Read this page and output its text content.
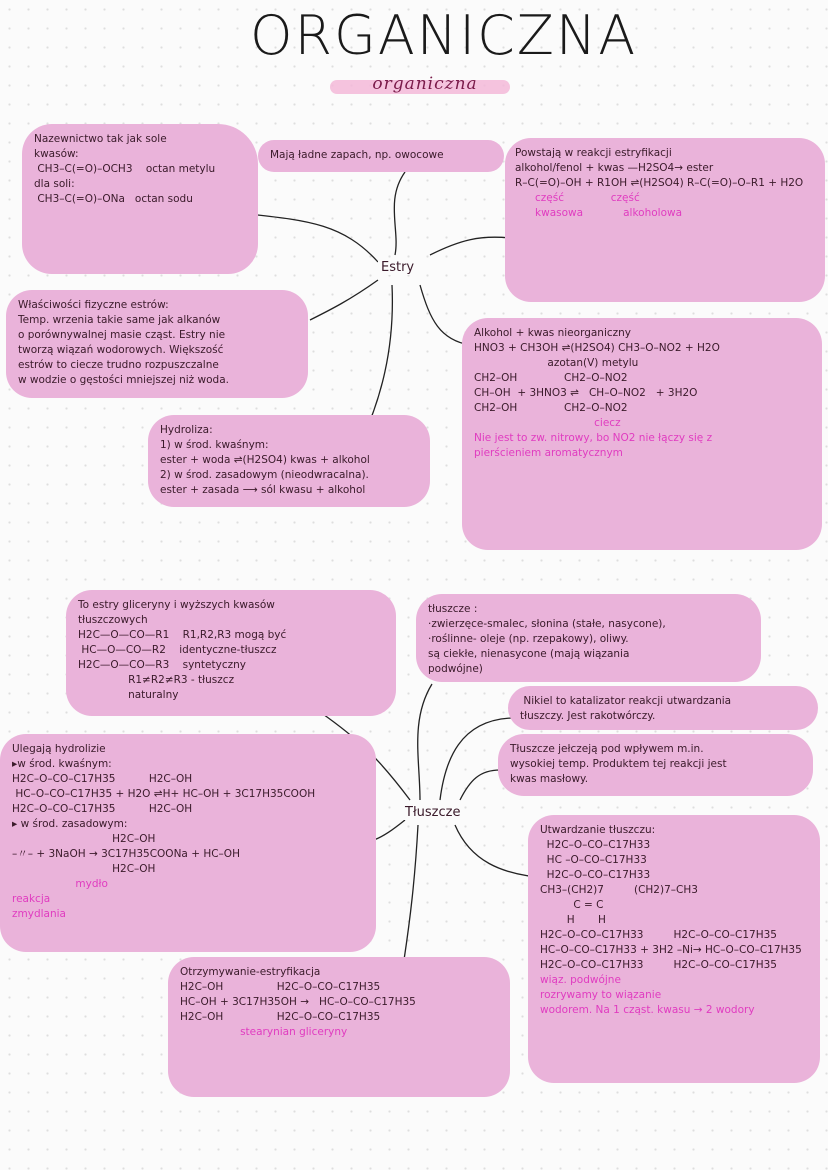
ORGANICZNA
organiczna
Estry
Tłuszcze
Nazewnictwo tak jak sole
kwasów:
CH3–C(=O)–OCH3    octan metylu
dla soli:
CH3–C(=O)–ONa   octan sodu
Mają ładne zapach, np. owocowe	Powstają w reakcji estryfikacji
alkohol/fenol + kwas —H2SO4→ ester
R–C(=O)–OH + R1OH ⇌(H2SO4) R–C(=O)–O–R1 + H2O
część              część
kwasowa            alkoholowa
Właściwości fizyczne estrów:
Temp. wrzenia takie same jak alkanów
o porównywalnej masie cząst. Estry nie
tworzą wiązań wodorowych. Większość
estrów to ciecze trudno rozpuszczalne
w wodzie o gęstości mniejszej niż woda.
Hydroliza:
1) w środ. kwaśnym:
ester + woda ⇌(H2SO4) kwas + alkohol
2) w środ. zasadowym (nieodwracalna).
ester + zasada ⟶ sól kwasu + alkohol
Alkohol + kwas nieorganiczny
HNO3 + CH3OH ⇌(H2SO4) CH3–O–NO2 + H2O
azotan(V) metylu
CH2–OH              CH2–O–NO2
CH–OH  + 3HNO3 ⇌   CH–O–NO2   + 3H2O
CH2–OH              CH2–O–NO2
ciecz
Nie jest to zw. nitrowy, bo NO2 nie łączy się z
pierścieniem aromatycznym
To estry gliceryny i wyższych kwasów
tłuszczowych
H2C—O—CO—R1    R1,R2,R3 mogą być
HC—O—CO—R2    identyczne-tłuszcz
H2C—O—CO—R3    syntetyczny
R1≠R2≠R3 - tłuszcz
naturalny
tłuszcze :
·zwierzęce-smalec, słonina (stałe, nasycone),
·roślinne- oleje (np. rzepakowy), oliwy.
są ciekłe, nienasycone (mają wiązania
podwójne)
Nikiel to katalizator reakcji utwardzania
tłuszczy. Jest rakotwórczy.
Tłuszcze jełczeją pod wpływem m.in.
wysokiej temp. Produktem tej reakcji jest
kwas masłowy.
Ulegają hydrolizie
▸w środ. kwaśnym:
H2C–O–CO–C17H35          H2C–OH
HC–O–CO–C17H35 + H2O ⇌H+ HC–OH + 3C17H35COOH
H2C–O–CO–C17H35          H2C–OH
▸ w środ. zasadowym:
H2C–OH
–〃– + 3NaOH → 3C17H35COONa + HC–OH
H2C–OH
mydło
reakcja
zmydlania
Utwardzanie tłuszczu:
H2C–O–CO–C17H33
HC –O–CO–C17H33
H2C–O–CO–C17H33
CH3–(CH2)7         (CH2)7–CH3
C = C
H       H
H2C–O–CO–C17H33         H2C–O–CO–C17H35
HC–O–CO–C17H33 + 3H2 –Ni→ HC–O–CO–C17H35
H2C–O–CO–C17H33         H2C–O–CO–C17H35
wiąz. podwójne
rozrywamy to wiązanie
wodorem. Na 1 cząst. kwasu → 2 wodory
Otrzymywanie-estryfikacja
H2C–OH                H2C–O–CO–C17H35
HC–OH + 3C17H35OH →   HC–O–CO–C17H35
H2C–OH                H2C–O–CO–C17H35
stearynian gliceryny
